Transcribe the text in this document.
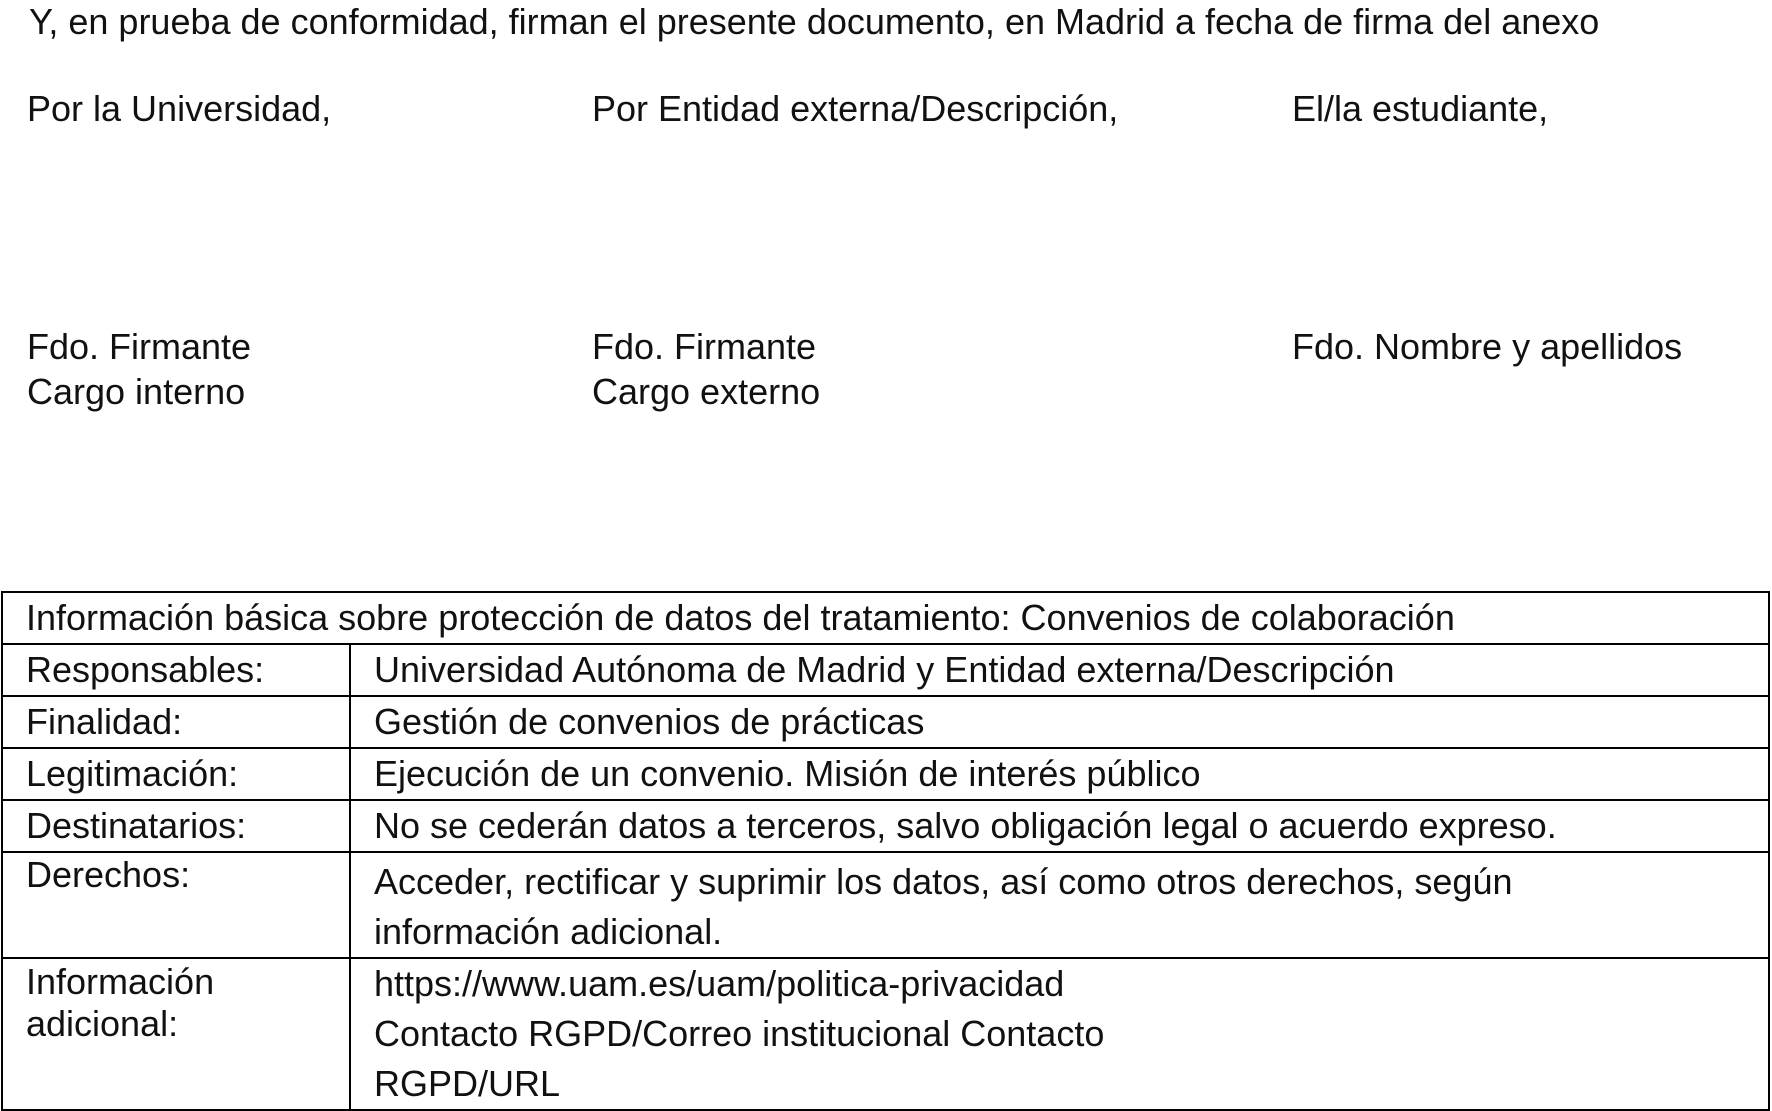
Y, en prueba de conformidad, firman el presente documento, en Madrid a fecha de firma del anexo
Por la Universidad,
Fdo. Firmante
Cargo interno
Por Entidad externa/Descripción,
Fdo. Firmante
Cargo externo
El/la estudiante,
Fdo. Nombre y apellidos
Información básica sobre protección de datos del tratamiento: Convenios de colaboración	
Responsables:	Universidad Autónoma de Madrid y Entidad externa/Descripción
Finalidad:	Gestión de convenios de prácticas
Legitimación:	Ejecución de un convenio. Misión de interés público
Destinatarios:	No se cederán datos a terceros, salvo obligación legal o acuerdo expreso.
Derechos:	Acceder, rectificar y suprimir los datos, así como otros derechos, según
información adicional.

Información
adicional:	https://www.uam.es/uam/politica-privacidad
Contacto RGPD/Correo institucional Contacto
RGPD/URL
